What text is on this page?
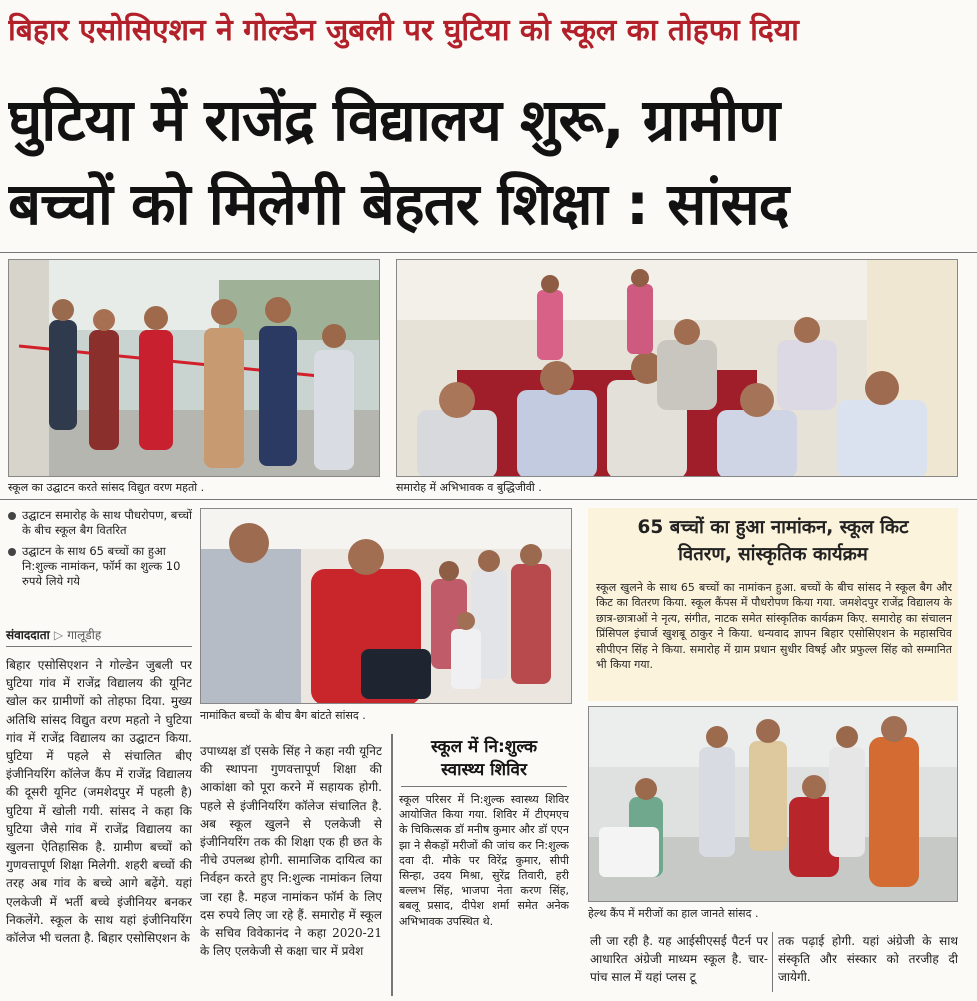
बिहार एसोसिएशन ने गोल्डेन जुबली पर घुटिया को स्कूल का तोहफा दिया
घुटिया में राजेंद्र विद्यालय शुरू, ग्रामीण
बच्चों को मिलेगी बेहतर शिक्षा : सांसद
स्कूल का उद्घाटन करते सांसद विद्युत वरण महतो .	समारोह में अभिभावक व बुद्धिजीवी .
उद्घाटन समारोह के साथ पौधरोपण, बच्चों के बीच स्कूल बैग वितरित
उद्घाटन के साथ 65 बच्चों का हुआ नि:शुल्क नामांकन, फॉर्म का शुल्क 10 रुपये लिये गये
संवाददाता ▷ गालूडीह
नामांकित बच्चों के बीच बैग बांटते सांसद .
बिहार एसोसिएशन ने गोल्डेन जुबली पर घुटिया गांव में राजेंद्र विद्यालय की यूनिट खोल कर ग्रामीणों को तोहफा दिया. मुख्य अतिथि सांसद विद्युत वरण महतो ने घुटिया गांव में राजेंद्र विद्यालय का उद्घाटन किया. घुटिया में पहले से संचालित बीए इंजीनियरिंग कॉलेज कैंप में राजेंद्र विद्यालय की दूसरी यूनिट (जमशेदपुर में पहली है) घुटिया में खोली गयी. सांसद ने कहा कि घुटिया जैसे गांव में राजेंद्र विद्यालय का खुलना ऐतिहासिक है. ग्रामीण बच्चों को गुणवत्तापूर्ण शिक्षा मिलेगी. शहरी बच्चों की तरह अब गांव के बच्चे आगे बढ़ेंगे. यहां एलकेजी में भर्ती बच्चे इंजीनियर बनकर निकलेंगे. स्कूल के साथ यहां इंजीनियरिंग कॉलेज भी चलता है. बिहार एसोसिएशन के
उपाध्यक्ष डॉ एसके सिंह ने कहा नयी यूनिट की स्थापना गुणवत्तापूर्ण शिक्षा की आकांक्षा को पूरा करने में सहायक होगी. पहले से इंजीनियरिंग कॉलेज संचालित है. अब स्कूल खुलने से एलकेजी से इंजीनियरिंग तक की शिक्षा एक ही छत के नीचे उपलब्ध होगी. सामाजिक दायित्व का निर्वहन करते हुए नि:शुल्क नामांकन लिया जा रहा है. महज नामांकन फॉर्म के लिए दस रुपये लिए जा रहे हैं. समारोह में स्कूल के सचिव विवेकानंद ने कहा 2020-21 के लिए एलकेजी से कक्षा चार में प्रवेश
स्कूल में नि:शुल्क
स्वास्थ्य शिविर
स्कूल परिसर में नि:शुल्क स्वास्थ्य शिविर आयोजित किया गया. शिविर में टीएमएच के चिकित्सक डॉ मनीष कुमार और डॉ एएन झा ने सैकड़ों मरीजों की जांच कर नि:शुल्क दवा दी. मौके पर विरेंद्र कुमार, सीपी सिन्हा, उदय मिश्रा, सुरेंद्र तिवारी, हरी बल्लभ सिंह, भाजपा नेता करण सिंह, बबलू प्रसाद, दीपेश शर्मा समेत अनेक अभिभावक उपस्थित थे.
65 बच्चों का हुआ नामांकन, स्कूल किट
वितरण, सांस्कृतिक कार्यक्रम
स्कूल खुलने के साथ 65 बच्चों का नामांकन हुआ. बच्चों के बीच सांसद ने स्कूल बैग और किट का वितरण किया. स्कूल कैंपस में पौधरोपण किया गया. जमशेदपुर राजेंद्र विद्यालय के छात्र-छात्राओं ने नृत्य, संगीत, नाटक समेत सांस्कृतिक कार्यक्रम किए. समारोह का संचालन प्रिंसिपल इंचार्ज खुशबू ठाकुर ने किया. धन्यवाद ज्ञापन बिहार एसोसिएशन के महासचिव सीपीएन सिंह ने किया. समारोह में ग्राम प्रधान सुधीर विषई और प्रफुल्ल सिंह को सम्मानित भी किया गया.
हेल्थ कैंप में मरीजों का हाल जानते सांसद .
ली जा रही है. यह आईसीएसई पैटर्न पर आधारित अंग्रेजी माध्यम स्कूल है. चार-पांच साल में यहां प्लस टू
तक पढ़ाई होगी. यहां अंग्रेजी के साथ संस्कृति और संस्कार को तरजीह दी जायेगी.
